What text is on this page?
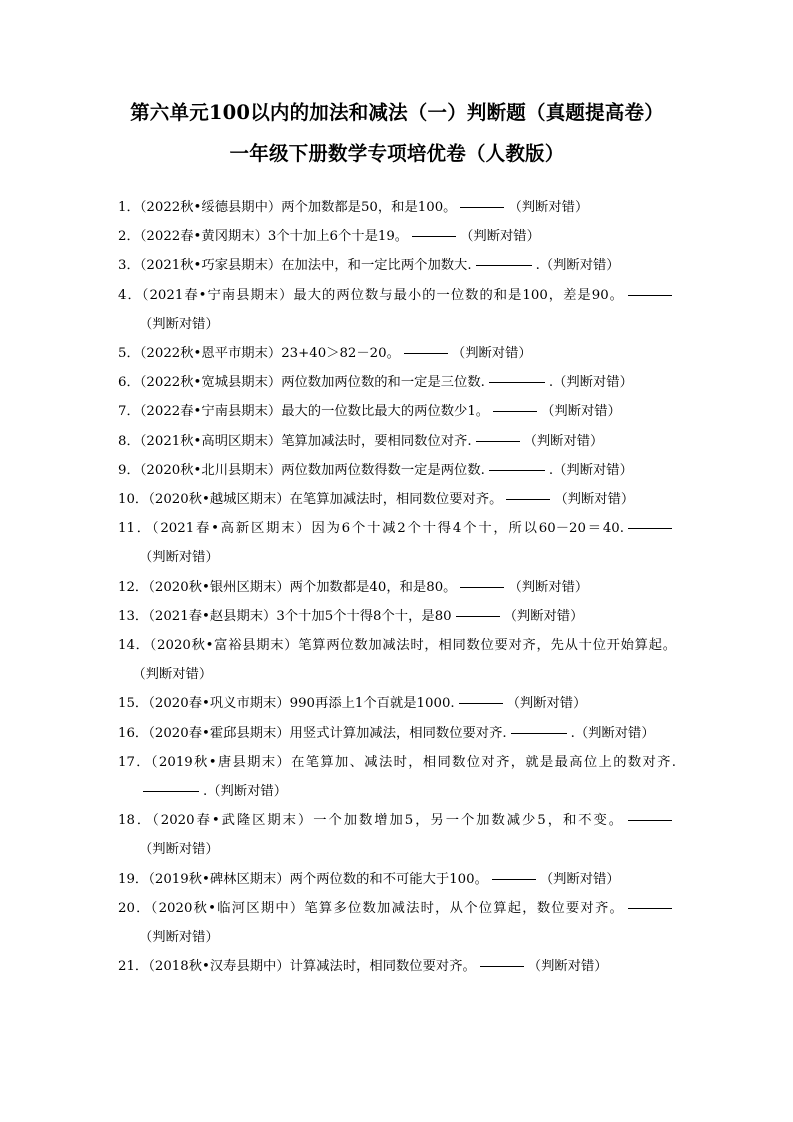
第六单元100以内的加法和减法（一）判断题（真题提高卷）
一年级下册数学专项培优卷（人教版）

1．（2022秋•绥德县期中）两个加数都是50，和是100。	（判断对错）

2．（2022春•黄冈期末）3个十加上6个十是19。	（判断对错）

3．（2021秋•巧家县期末）在加法中，和一定比两个加数大.	.（判断对错）

4．（2021春•宁南县期末）最大的两位数与最小的一位数的和是100，差是90。（判断对错）

5．（2022秋•恩平市期末）23+40＞82－20。	（判断对错）

6．（2022秋•宽城县期末）两位数加两位数的和一定是三位数.	.（判断对错）

7．（2022春•宁南县期末）最大的一位数比最大的两位数少1。	（判断对错）

8．（2021秋•高明区期末）笔算加减法时，要相同数位对齐.	（判断对错）

9．（2020秋•北川县期末）两位数加两位数得数一定是两位数.	.（判断对错）

10．（2020秋•越城区期末）在笔算加减法时，相同数位要对齐。	（判断对错）

11．（2021春•高新区期末）因为6个十减2个十得4个十，所以60－20＝40.（判断对错）

12．（2020秋•银州区期末）两个加数都是40，和是80。	（判断对错）

13．（2021春•赵县期末）3个十加5个十得8个十，是80	（判断对错）

14．（2020秋•富裕县期末）笔算两位数加减法时，相同数位要对齐，先从十位开始算起。（判断对错）

15．（2020春•巩义市期末）990再添上1个百就是1000.	（判断对错）

16．（2020春•霍邱县期末）用竖式计算加减法，相同数位要对齐.	.（判断对错）

17．（2019秋•唐县期末）在笔算加、减法时，相同数位对齐，就是最高位上的数对齐..（判断对错）

18．（2020春•武隆区期末）一个加数增加5，另一个加数减少5，和不变。（判断对错）

19．（2019秋•碑林区期末）两个两位数的和不可能大于100。	（判断对错）

20．（2020秋•临河区期中）笔算多位数加减法时，从个位算起，数位要对齐。（判断对错）

21．（2018秋•汉寿县期中）计算减法时，相同数位要对齐。	（判断对错）
